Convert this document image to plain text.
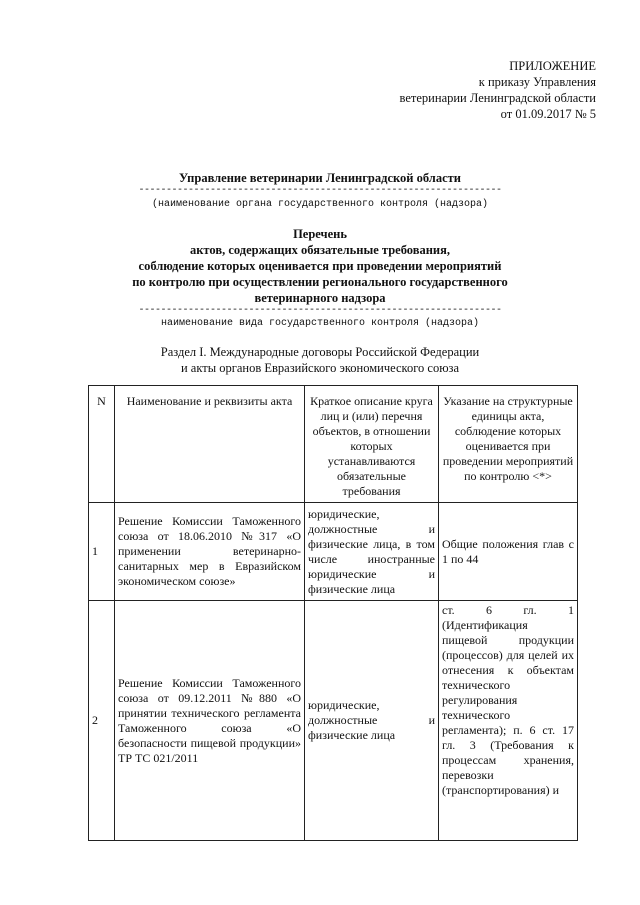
ПРИЛОЖЕНИЕ
к приказу Управления
ветеринарии Ленинградской области
от 01.09.2017 № 5
Управление ветеринарии Ленинградской области
------------------------------------------------------------------
(наименование органа государственного контроля (надзора)
Перечень
актов, содержащих обязательные требования,
соблюдение которых оценивается при проведении мероприятий
по контролю при осуществлении регионального государственного
ветеринарного надзора
------------------------------------------------------------------
наименование вида государственного контроля (надзора)
Раздел I. Международные договоры Российской Федерации
и акты органов Евразийского экономического союза
N	Наименование и реквизиты акта	Краткое описание круга лиц и (или) перечня объектов, в отношении которых устанавливаются обязательные требования	Указание на структурные единицы акта, соблюдение которых оценивается при проведении мероприятий по контролю <*>
1	Решение Комиссии Таможенного союза от 18.06.2010 №317 «О применении ветеринарно-санитарных мер в Евразийском экономическом союзе»	юридические, должностные и физические лица, в том числе иностранные юридические и физические лица	Общие положения глав с 1 по 44
2	Решение Комиссии Таможенного союза от 09.12.2011 №880 «О принятии технического регламента Таможенного союза «О безопасности пищевой продукции» ТР ТС 021/2011	юридические, должностные и физические лица	ст. 6 гл. 1 (Идентификация пищевой продукции (процессов) для целей их отнесения к объектам технического регулирования технического регламента); п. 6 ст. 17 гл. 3 (Требования к процессам хранения, перевозки (транспортирования) и
